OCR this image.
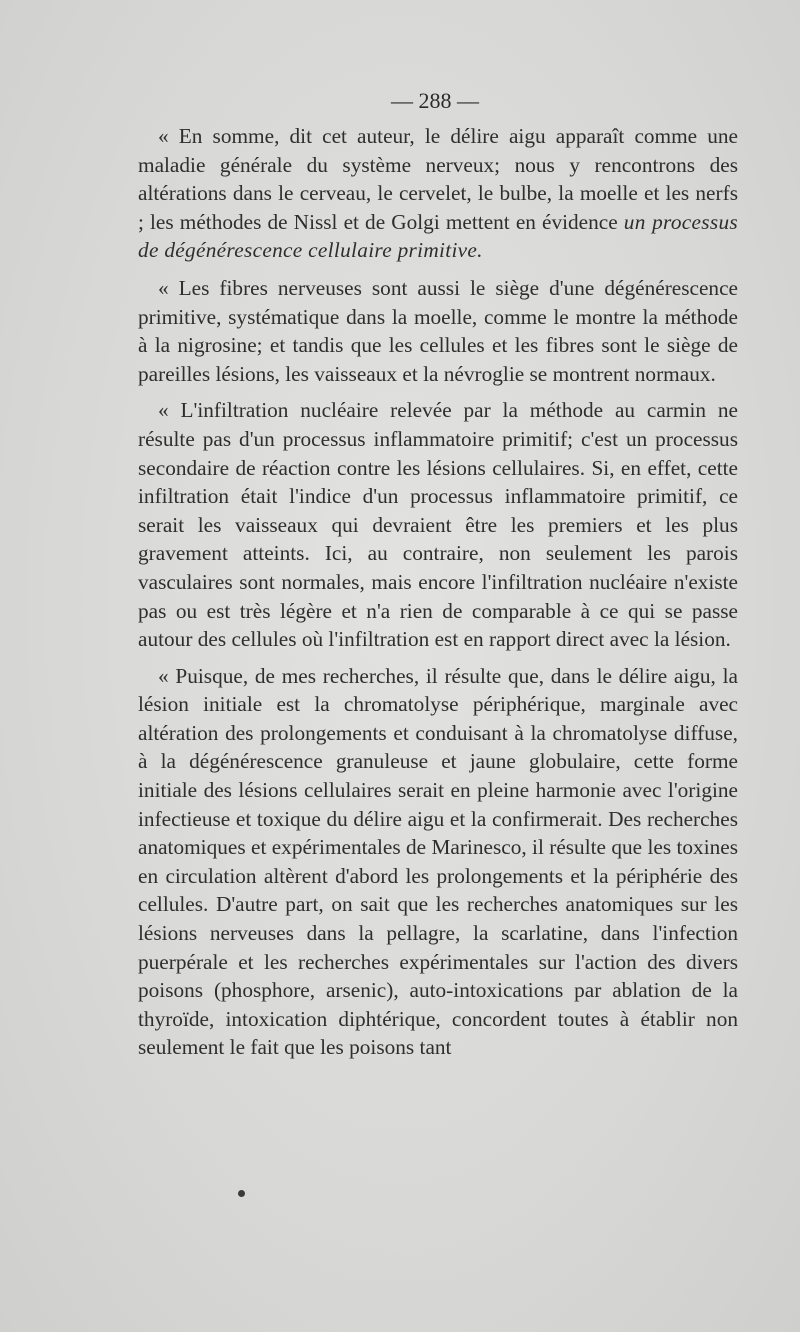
— 288 —

« En somme, dit cet auteur, le délire aigu apparaît comme une maladie générale du système nerveux; nous y rencontrons des altérations dans le cerveau, le cervelet, le bulbe, la moelle et les nerfs ; les méthodes de Nissl et de Golgi mettent en évidence un processus de dégénérescence cellulaire primitive.

« Les fibres nerveuses sont aussi le siège d'une dégénérescence primitive, systématique dans la moelle, comme le montre la méthode à la nigrosine; et tandis que les cellules et les fibres sont le siège de pareilles lésions, les vaisseaux et la névroglie se montrent normaux.

« L'infiltration nucléaire relevée par la méthode au carmin ne résulte pas d'un processus inflammatoire primitif; c'est un processus secondaire de réaction contre les lésions cellulaires. Si, en effet, cette infiltration était l'indice d'un processus inflammatoire primitif, ce serait les vaisseaux qui devraient être les premiers et les plus gravement atteints. Ici, au contraire, non seulement les parois vasculaires sont normales, mais encore l'infiltration nucléaire n'existe pas ou est très légère et n'a rien de comparable à ce qui se passe autour des cellules où l'infiltration est en rapport direct avec la lésion.

« Puisque, de mes recherches, il résulte que, dans le délire aigu, la lésion initiale est la chromatolyse périphérique, marginale avec altération des prolongements et conduisant à la chromatolyse diffuse, à la dégénérescence granuleuse et jaune globulaire, cette forme initiale des lésions cellulaires serait en pleine harmonie avec l'origine infectieuse et toxique du délire aigu et la confirmerait. Des recherches anatomiques et expérimentales de Marinesco, il résulte que les toxines en circulation altèrent d'abord les prolongements et la périphérie des cellules. D'autre part, on sait que les recherches anatomiques sur les lésions nerveuses dans la pellagre, la scarlatine, dans l'infection puerpérale et les recherches expérimentales sur l'action des divers poisons (phosphore, arsenic), auto-intoxications par ablation de la thyroïde, intoxication diphtérique, concordent toutes à établir non seulement le fait que les poisons tant
